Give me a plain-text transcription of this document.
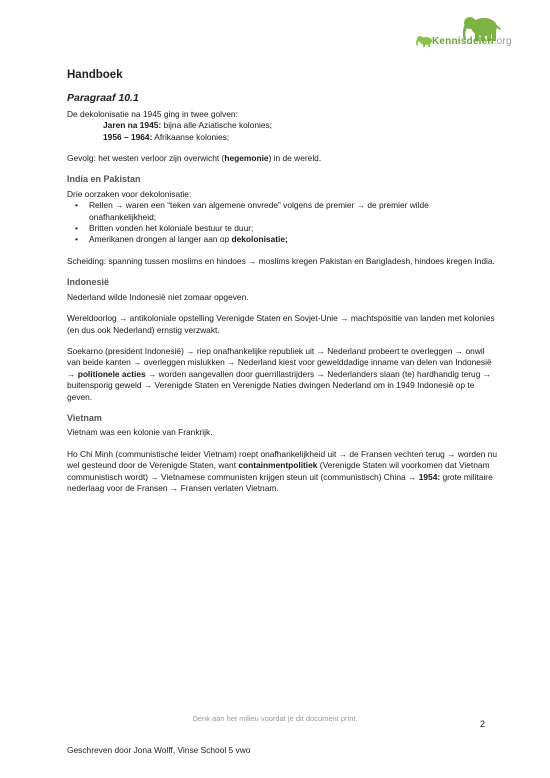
Kennisdelen.org
Handboek
Paragraaf 10.1

De dekolonisatie na 1945 ging in twee golven:

Jaren na 1945: bijna alle Aziatische kolonies;

1956 – 1964: Afrikaanse kolonies;

Gevolg: het westen verloor zijn overwicht (hegemonie) in de wereld.

India en Pakistan

Drie oorzaken voor dekolonisatie:

• Rellen → waren een “teken van algemene onvrede” volgens de premier → de premier wilde onafhankelijkheid;
• Britten vonden het koloniale bestuur te duur;
• Amerikanen drongen al langer aan op dekolonisatie;

Scheiding: spanning tussen moslims en hindoes → moslims kregen Pakistan en Bangladesh, hindoes kregen India.

Indonesië

Nederland wilde Indonesië niet zomaar opgeven.

Wereldoorlog → antikoloniale opstelling Verenigde Staten en Sovjet-Unie → machtspositie van landen met kolonies (en dus ook Nederland) ernstig verzwakt.

Soekarno (president Indonesië) → riep onafhankelijke republiek uit → Nederland probeert te overleggen → onwil van beide kanten → overleggen mislukken → Nederland kiest voor gewelddadige inname van delen van Indonesië → politionele acties → worden aangevallen door guerrillastrijders → Nederlanders slaan (te) hardhandig terug → buitensporig geweld → Verenigde Staten en Verenigde Naties dwingen Nederland om in 1949 Indonesië op te geven.

Vietnam

Vietnam was een kolonie van Frankrijk.

Ho Chi Minh (communistische leider Vietnam) roept onafhankelijkheid uit → de Fransen vechten terug → worden nu wel gesteund door de Verenigde Staten, want containmentpolitiek (Verenigde Staten wil voorkomen dat Vietnam communistisch wordt) → Vietnamese communisten krijgen steun uit (communistisch) China → 1954: grote militaire nederlaag voor de Fransen → Fransen verlaten Vietnam.

Denk aan het milieu voordat je dit document print.
2
Geschreven door Jona Wolff, Vinse School 5 vwo
